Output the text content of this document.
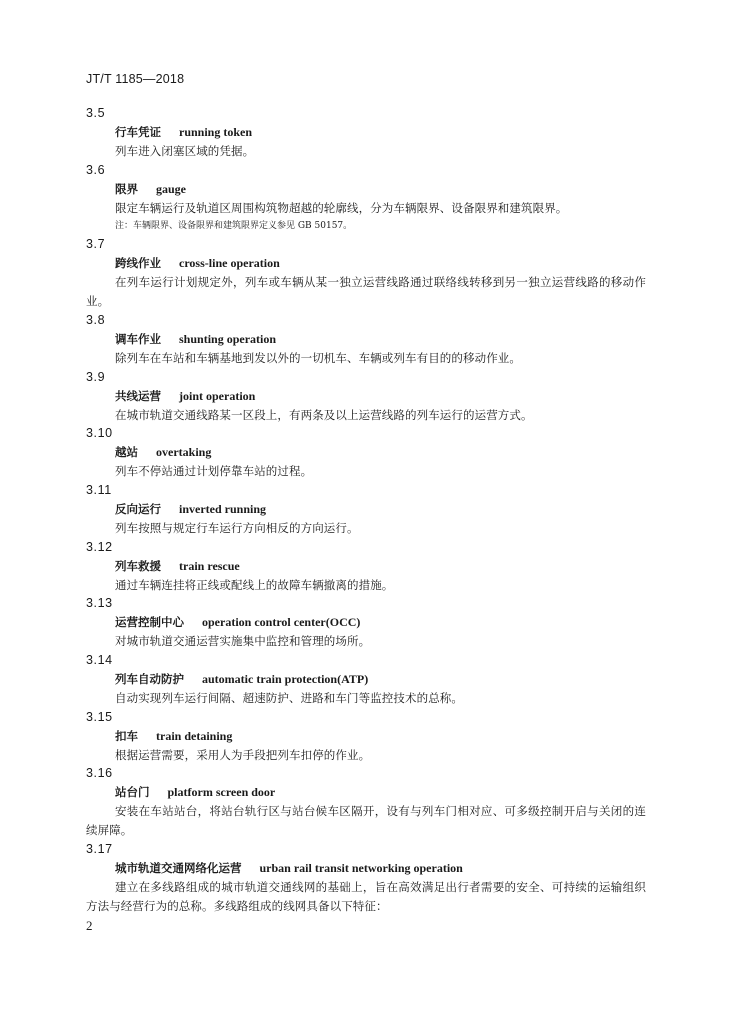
JT/T 1185—2018
3.5
行车凭证 running token
列车进入闭塞区域的凭据。
3.6
限界 gauge
限定车辆运行及轨道区周围构筑物超越的轮廓线，分为车辆限界、设备限界和建筑限界。
注：车辆限界、设备限界和建筑限界定义参见 GB 50157。
3.7
跨线作业 cross-line operation
在列车运行计划规定外，列车或车辆从某一独立运营线路通过联络线转移到另一独立运营线路的移动作业。
3.8
调车作业 shunting operation
除列车在车站和车辆基地到发以外的一切机车、车辆或列车有目的的移动作业。
3.9
共线运营 joint operation
在城市轨道交通线路某一区段上，有两条及以上运营线路的列车运行的运营方式。
3.10
越站 overtaking
列车不停站通过计划停靠车站的过程。
3.11
反向运行 inverted running
列车按照与规定行车运行方向相反的方向运行。
3.12
列车救援 train rescue
通过车辆连挂将正线或配线上的故障车辆撤离的措施。
3.13
运营控制中心 operation control center(OCC)
对城市轨道交通运营实施集中监控和管理的场所。
3.14
列车自动防护 automatic train protection(ATP)
自动实现列车运行间隔、超速防护、进路和车门等监控技术的总称。
3.15
扣车 train detaining
根据运营需要，采用人为手段把列车扣停的作业。
3.16
站台门 platform screen door
安装在车站站台，将站台轨行区与站台候车区隔开，设有与列车门相对应、可多级控制开启与关闭的连续屏障。
3.17
城市轨道交通网络化运营 urban rail transit networking operation
建立在多线路组成的城市轨道交通线网的基础上，旨在高效满足出行者需要的安全、可持续的运输组织方法与经营行为的总称。多线路组成的线网具备以下特征：
2
